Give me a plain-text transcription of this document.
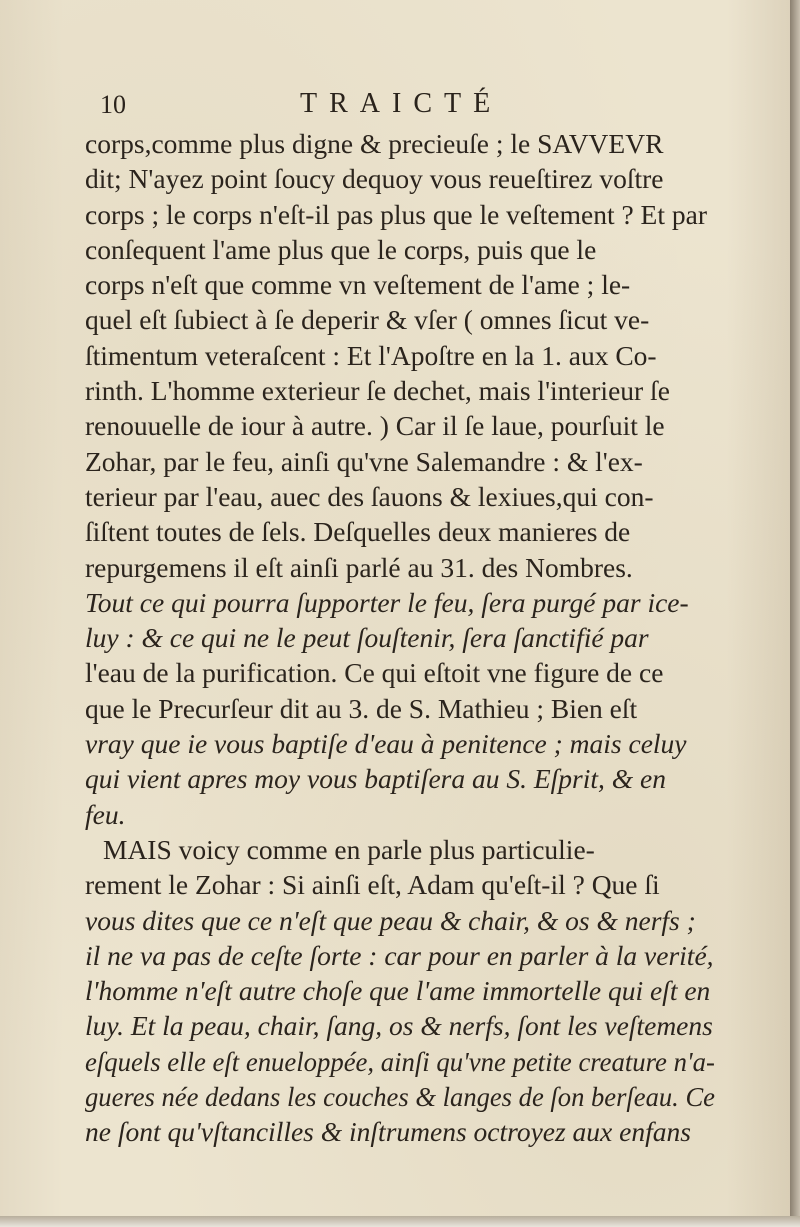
10	TRAICTÉ
corps,comme plus digne & precieuſe ; le SAVVEVR
dit; N'ayez point ſoucy dequoy vous reueſtirez voſtre
corps ; le corps n'eſt-il pas plus que le veſtement ? Et par
conſequent l'ame plus que le corps, puis que le
corps n'eſt que comme vn veſtement de l'ame ; le-
quel eſt ſubiect à ſe deperir & vſer ( omnes ſicut ve-
ſtimentum veteraſcent : Et l'Apoſtre en la 1. aux Co-
rinth. L'homme exterieur ſe dechet, mais l'interieur ſe
renouuelle de iour à autre. ) Car il ſe laue, pourſuit le
Zohar, par le feu, ainſi qu'vne Salemandre : & l'ex-
terieur par l'eau, auec des ſauons & lexiues,qui con-
ſiſtent toutes de ſels. Deſquelles deux manieres de
repurgemens il eſt ainſi parlé au 31. des Nombres.
Tout ce qui pourra ſupporter le feu, ſera purgé par ice-
luy : & ce qui ne le peut ſouſtenir, ſera ſanctifié par
l'eau de la purification. Ce qui eſtoit vne figure de ce
que le Precurſeur dit au 3. de S. Mathieu ; Bien eſt
vray que ie vous baptiſe d'eau à penitence ; mais celuy
qui vient apres moy vous baptiſera au S. Eſprit, & en
feu.
MAIS voicy comme en parle plus particulie-
rement le Zohar : Si ainſi eſt, Adam qu'eſt-il ? Que ſi
vous dites que ce n'eſt que peau & chair, & os & nerfs ;
il ne va pas de ceſte ſorte : car pour en parler à la verité,
l'homme n'eſt autre choſe que l'ame immortelle qui eſt en
luy. Et la peau, chair, ſang, os & nerfs, ſont les veſtemens
eſquels elle eſt enueloppée, ainſi qu'vne petite creature n'a-
gueres née dedans les couches & langes de ſon berſeau. Ce
ne ſont qu'vſtancilles & inſtrumens octroyez aux enfans
